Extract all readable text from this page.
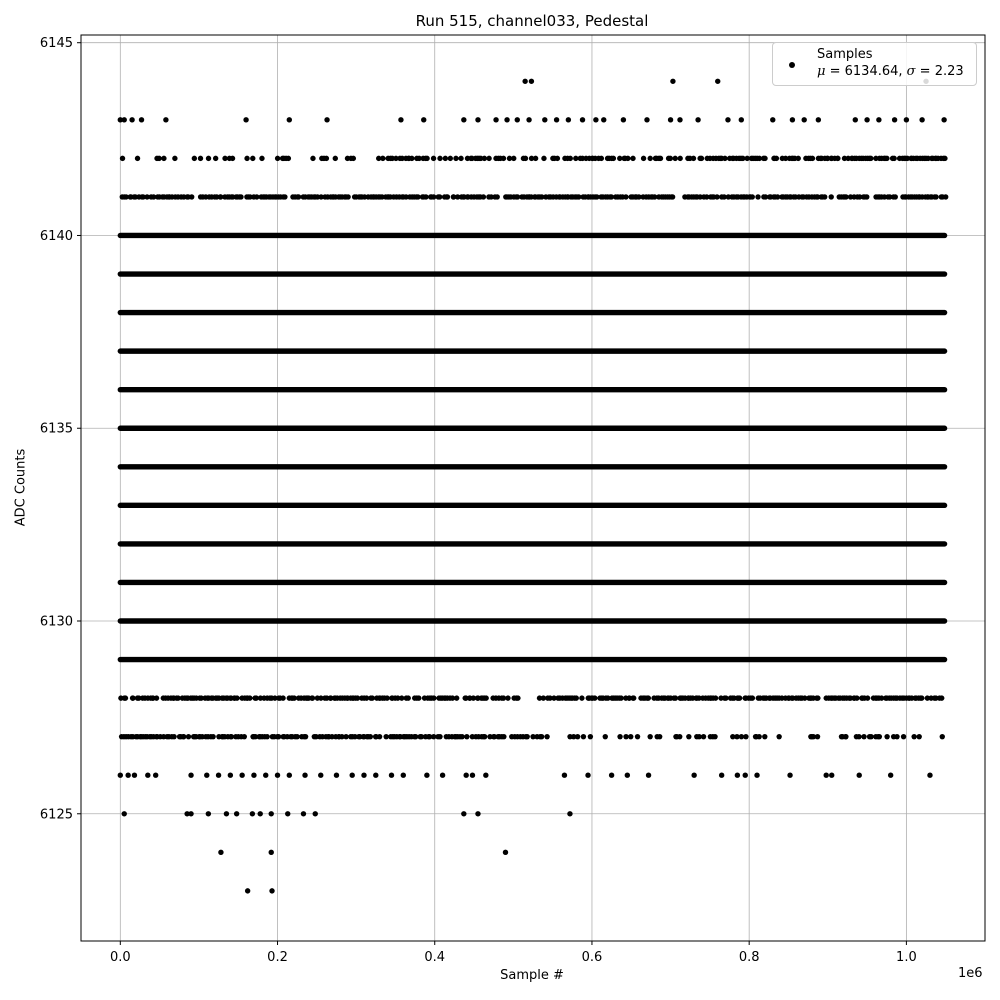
0.0	0.2	0.4	0.6	0.8	1.0
6125
6130
6135
6140
6145
Run 515, channel033, Pedestal
Sample #
ADC Counts
1e6
Samples
μ = 6134.64, σ = 2.23
